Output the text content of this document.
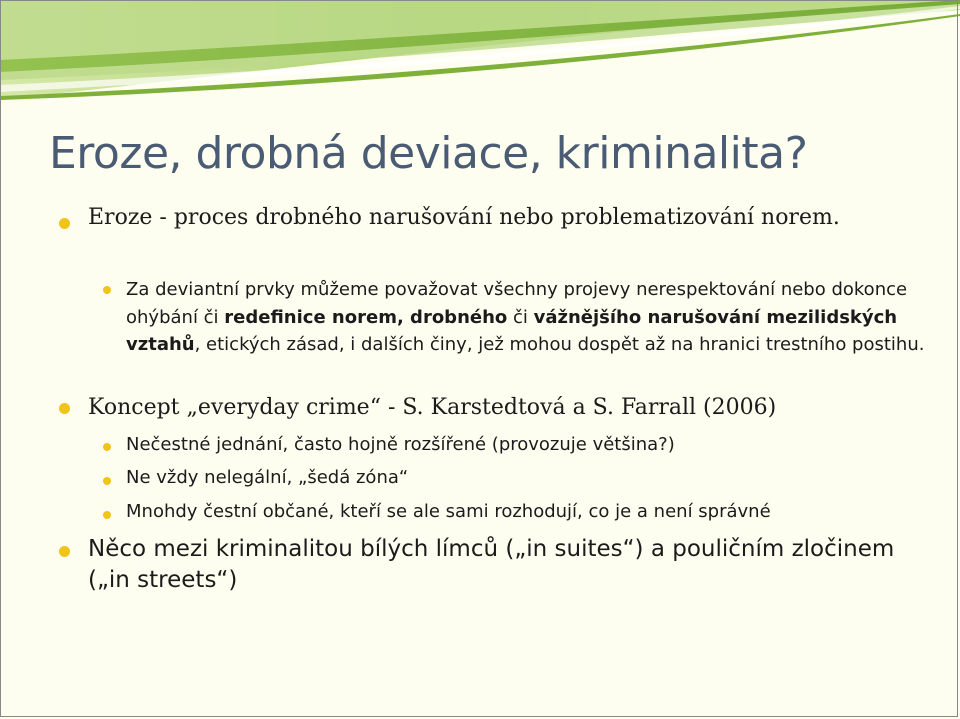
Eroze, drobná deviace, kriminalita?
Eroze - proces drobného narušování nebo problematizování norem.
Za deviantní prvky můžeme považovat všechny projevy nerespektování nebo dokonce ohýbání či redefinice norem, drobného či vážnějšího narušování mezilidských vztahů, etických zásad, i dalších činy, jež mohou dospět až na hranici trestního postihu.
Koncept „everyday crime“ - S. Karstedtová a S. Farrall (2006)
Nečestné jednání, často hojně rozšířené (provozuje většina?)
Ne vždy nelegální, „šedá zóna“
Mnohdy čestní občané, kteří se ale sami rozhodují, co je a není správné
Něco mezi kriminalitou bílých límců („in suites“) a pouličním zločinem („in streets“)
